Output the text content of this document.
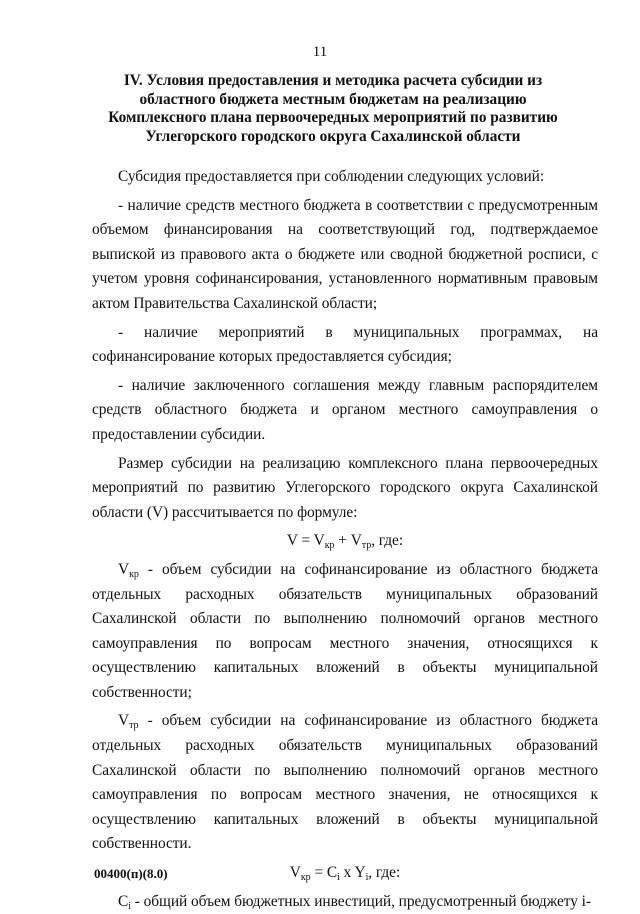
11
IV. Условия предоставления и методика расчета субсидии из областного бюджета местным бюджетам на реализацию Комплексного плана первоочередных мероприятий по развитию Углегорского городского округа Сахалинской области

Субсидия предоставляется при соблюдении следующих условий:

- наличие средств местного бюджета в соответствии с предусмотренным объемом финансирования на соответствующий год, подтверждаемое выпиской из правового акта о бюджете или сводной бюджетной росписи, с учетом уровня софинансирования, установленного нормативным правовым актом Правительства Сахалинской области;

- наличие мероприятий в муниципальных программах, на софинансирование которых предоставляется субсидия;

- наличие заключенного соглашения между главным распорядителем средств областного бюджета и органом местного самоуправления о предоставлении субсидии.

Размер субсидии на реализацию комплексного плана первоочередных мероприятий по развитию Углегорского городского округа Сахалинской области (V) рассчитывается по формуле:

$V = V_{кр} + V_{тр}$, где:

$V_{кр}$ - объем субсидии на софинансирование из областного бюджета отдельных расходных обязательств муниципальных образований Сахалинской области по выполнению полномочий органов местного самоуправления по вопросам местного значения, относящихся к осуществлению капитальных вложений в объекты муниципальной собственности;

$V_{тр}$ - объем субсидии на софинансирование из областного бюджета отдельных расходных обязательств муниципальных образований Сахалинской области по выполнению полномочий органов местного самоуправления по вопросам местного значения, не относящихся к осуществлению капитальных вложений в объекты муниципальной собственности.

$V_{кр} = C_i$ x $Y_i$, где:

$C_i$ - общий объем бюджетных инвестиций, предусмотренный бюджету i-

00400(п)(8.0)
